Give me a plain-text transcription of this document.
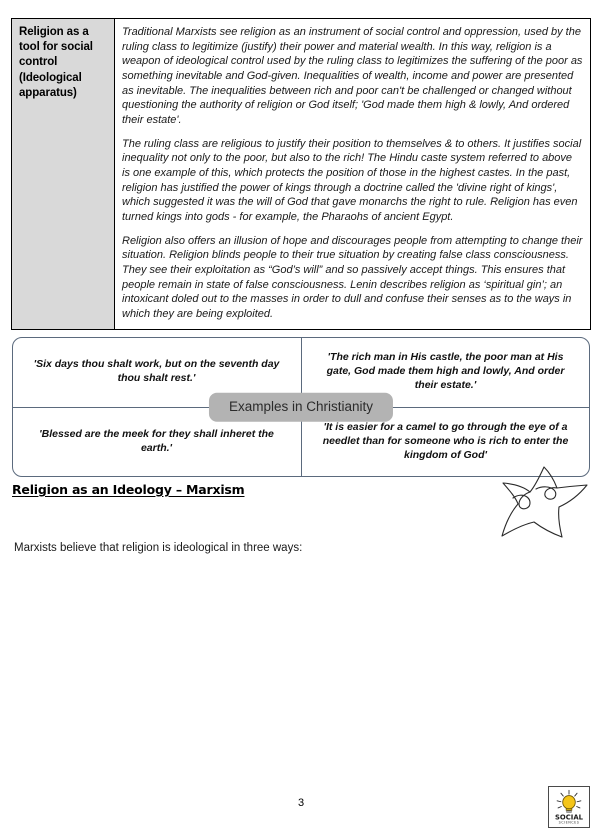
Religion as a tool for social control (Ideological apparatus)	

Traditional Marxists see religion as an instrument of social control and oppression, used by the ruling class to legitimize (justify) their power and material wealth. In this way, religion is a weapon of ideological control used by the ruling class to legitimizes the suffering of the poor as something inevitable and God-given. Inequalities of wealth, income and power are presented as inevitable. The inequalities between rich and poor can't be challenged or changed without questioning the authority of religion or God itself; 'God made them high & lowly, And ordered their estate'.

The ruling class are religious to justify their position to themselves & to others. It justifies social inequality not only to the poor, but also to the rich! The Hindu caste system referred to above is one example of this, which protects the position of those in the highest castes. In the past, religion has justified the power of kings through a doctrine called the 'divine right of kings', which suggested it was the will of God that gave monarchs the right to rule. Religion has even turned kings into gods - for example, the Pharaohs of ancient Egypt.

Religion also offers an illusion of hope and discourages people from attempting to change their situation. Religion blinds people to their true situation by creating false class consciousness. They see their exploitation as “God’s will” and so passively accept things. This ensures that people remain in state of false consciousness. Lenin describes religion as ‘spiritual gin’; an intoxicant doled out to the masses in order to dull and confuse their senses as to the ways in which they are being exploited.

'Six days thou shalt work, but on the seventh day thou shalt rest.'
'The rich man in His castle, the poor man at His gate, God made them high and lowly, And order their estate.'
'Blessed are the meek for they shall inheret the earth.'
'It is easier for a camel to go through the eye of a needlet than for someone who is rich to enter the kingdom of God'
Examples in Christianity
Religion as an Ideology – Marxism
Marxists believe that religion is ideological in three ways:
3
SOCIAL
SCIENCES
